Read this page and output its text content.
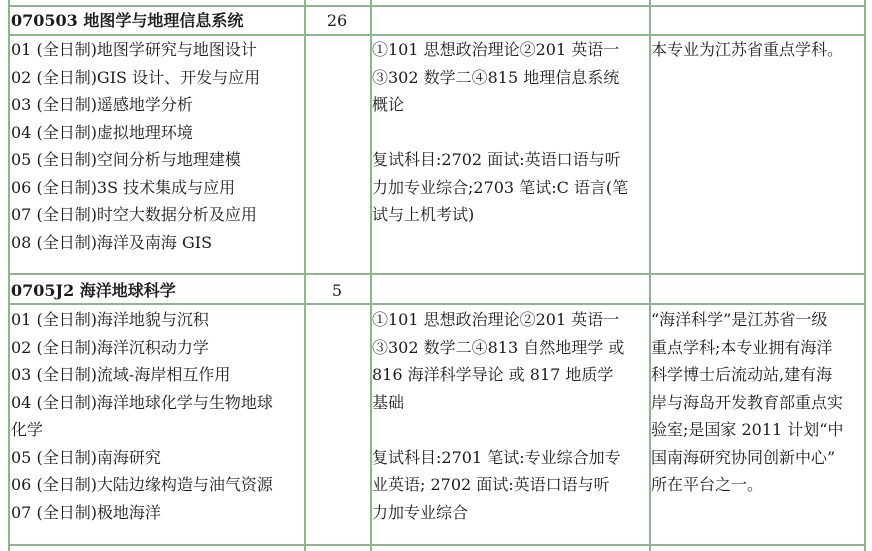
070503 地图学与地理信息系统	26
01 (全日制)地图学研究与地图设计
02 (全日制)GIS 设计、开发与应用
03 (全日制)遥感地学分析
04 (全日制)虚拟地理环境
05 (全日制)空间分析与地理建模
06 (全日制)3S 技术集成与应用
07 (全日制)时空大数据分析及应用
08 (全日制)海洋及南海 GIS
①101 思想政治理论②201 英语一
③302 数学二④815 地理信息系统
概论
复试科目:2702 面试:英语口语与听
力加专业综合;2703 笔试:C 语言(笔
试与上机考试)
本专业为江苏省重点学科。
0705J2 海洋地球科学	5
01 (全日制)海洋地貌与沉积
02 (全日制)海洋沉积动力学
03 (全日制)流域-海岸相互作用
04 (全日制)海洋地球化学与生物地球
化学
05 (全日制)南海研究
06 (全日制)大陆边缘构造与油气资源
07 (全日制)极地海洋
①101 思想政治理论②201 英语一
③302 数学二④813 自然地理学 或
816 海洋科学导论 或 817 地质学
基础
复试科目:2701 笔试:专业综合加专
业英语; 2702 面试:英语口语与听
力加专业综合
“海洋科学”是江苏省一级
重点学科;本专业拥有海洋
科学博士后流动站,建有海
岸与海岛开发教育部重点实
验室;是国家 2011 计划“中
国南海研究协同创新中心”
所在平台之一。
